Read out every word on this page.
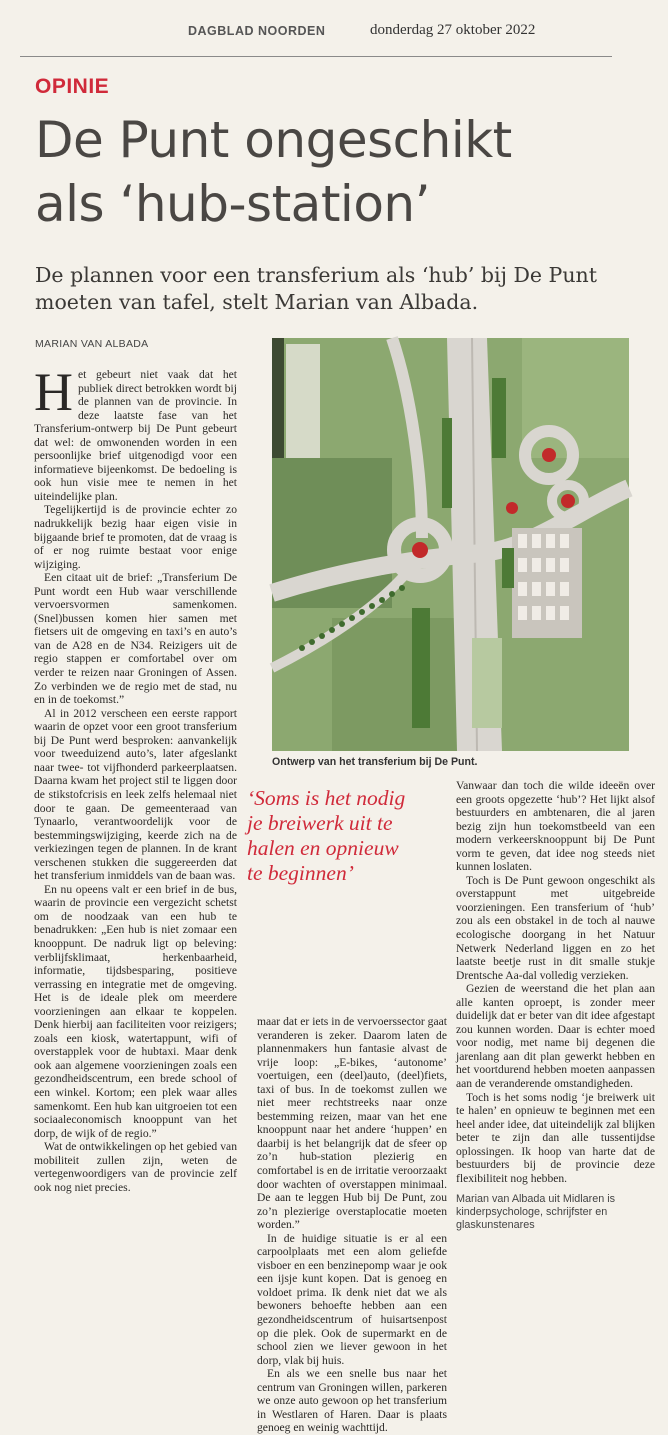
DAGBLAD NOORDEN	donderdag 27 oktober 2022
OPINIE
De Punt ongeschikt
als ‘hub-station’
De plannen voor een transferium als ‘hub’ bij De Punt
moeten van tafel, stelt Marian van Albada.
MARIAN VAN ALBADA

Het gebeurt niet vaak dat het publiek direct betrokken wordt bij de plannen van de provincie. In deze laatste fase van het Transferium-ontwerp bij De Punt gebeurt dat wel: de omwonenden worden in een persoonlijke brief uitgenodigd voor een informatieve bijeenkomst. De bedoeling is ook hun visie mee te nemen in het uiteindelijke plan.

Tegelijkertijd is de provincie echter zo nadrukkelijk bezig haar eigen visie in bijgaande brief te promoten, dat de vraag is of er nog ruimte bestaat voor enige wijziging.

Een citaat uit de brief: „Transferium De Punt wordt een Hub waar verschillende vervoersvormen samenkomen. (Snel)bussen komen hier samen met fietsers uit de omgeving en taxi’s en auto’s van de A28 en de N34. Reizigers uit de regio stappen er comfortabel over om verder te reizen naar Groningen of Assen. Zo verbinden we de regio met de stad, nu en in de toekomst.”

Al in 2012 verscheen een eerste rapport waarin de opzet voor een groot transferium bij De Punt werd besproken: aanvankelijk voor tweeduizend auto’s, later afgeslankt naar twee- tot vijfhonderd parkeerplaatsen. Daarna kwam het project stil te liggen door de stikstofcrisis en leek zelfs helemaal niet door te gaan. De gemeenteraad van Tynaarlo, verantwoordelijk voor de bestemmingswijziging, keerde zich na de verkiezingen tegen de plannen. In de krant verschenen stukken die suggereerden dat het transferium inmiddels van de baan was.

En nu opeens valt er een brief in de bus, waarin de provincie een vergezicht schetst om de noodzaak van een hub te benadrukken: „Een hub is niet zomaar een knooppunt. De nadruk ligt op beleving: verblijfsklimaat, herkenbaarheid, informatie, tijdsbesparing, positieve verrassing en integratie met de omgeving. Het is de ideale plek om meerdere voorzieningen aan elkaar te koppelen. Denk hierbij aan faciliteiten voor reizigers; zoals een kiosk, watertappunt, wifi of overstapplek voor de hubtaxi. Maar denk ook aan algemene voorzieningen zoals een gezondheidscentrum, een brede school of een winkel. Kortom; een plek waar alles samenkomt. Een hub kan uitgroeien tot een sociaaleconomisch knooppunt van het dorp, de wijk of de regio.”

Wat de ontwikkelingen op het gebied van mobiliteit zullen zijn, weten de vertegenwoordigers van de provincie zelf ook nog niet precies.

Ontwerp van het transferium bij De Punt.
‘Soms is het nodig
je breiwerk uit te
halen en opnieuw
te beginnen’

maar dat er iets in de vervoerssector gaat veranderen is zeker. Daarom laten de plannenmakers hun fantasie alvast de vrije loop: „E-bikes, ‘autonome’ voertuigen, een (deel)auto, (deel)fiets, taxi of bus. In de toekomst zullen we niet meer rechtstreeks naar onze bestemming reizen, maar van het ene knooppunt naar het andere ‘huppen’ en daarbij is het belangrijk dat de sfeer op zo’n hub-station plezierig en comfortabel is en de irritatie veroorzaakt door wachten of overstappen minimaal. De aan te leggen Hub bij De Punt, zou zo’n plezierige overstaplocatie moeten worden.”

In de huidige situatie is er al een carpoolplaats met een alom geliefde visboer en een benzinepomp waar je ook een ijsje kunt kopen. Dat is genoeg en voldoet prima. Ik denk niet dat we als bewoners behoefte hebben aan een gezondheidscentrum of huisartsenpost op die plek. Ook de supermarkt en de school zien we liever gewoon in het dorp, vlak bij huis.

En als we een snelle bus naar het centrum van Groningen willen, parkeren we onze auto gewoon op het transferium in Westlaren of Haren. Daar is plaats genoeg en weinig wachttijd.

Vanwaar dan toch die wilde ideeën over een groots opgezette ‘hub’? Het lijkt alsof bestuurders en ambtenaren, die al jaren bezig zijn hun toekomstbeeld van een modern verkeersknooppunt bij De Punt vorm te geven, dat idee nog steeds niet kunnen loslaten.

Toch is De Punt gewoon ongeschikt als overstappunt met uitgebreide voorzieningen. Een transferium of ‘hub’ zou als een obstakel in de toch al nauwe ecologische doorgang in het Natuur Netwerk Nederland liggen en zo het laatste beetje rust in dit smalle stukje Drentsche Aa-dal volledig verzieken.

Gezien de weerstand die het plan aan alle kanten oproept, is zonder meer duidelijk dat er beter van dit idee afgestapt zou kunnen worden. Daar is echter moed voor nodig, met name bij degenen die jarenlang aan dit plan gewerkt hebben en het voortdurend hebben moeten aanpassen aan de veranderende omstandigheden.

Toch is het soms nodig ‘je breiwerk uit te halen’ en opnieuw te beginnen met een heel ander idee, dat uiteindelijk zal blijken beter te zijn dan alle tussentijdse oplossingen. Ik hoop van harte dat de bestuurders bij de provincie deze flexibiliteit nog hebben.

Marian van Albada uit Midlaren is kinderpsychologe, schrijfster en glaskunstenares
